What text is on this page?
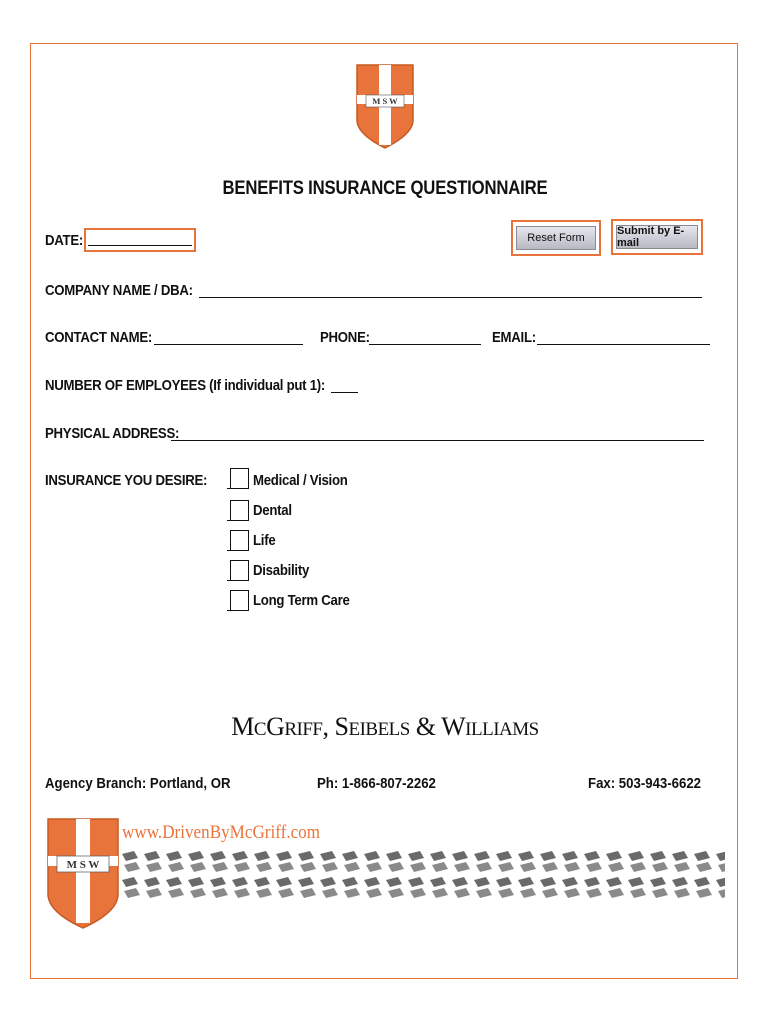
M S W
BENEFITS INSURANCE QUESTIONNAIRE
DATE:	Reset Form
Submit by E-mail
COMPANY NAME / DBA:
CONTACT NAME:	PHONE:	EMAIL:
NUMBER OF EMPLOYEES (If individual put 1):
PHYSICAL ADDRESS:
INSURANCE YOU DESIRE:	Medical / Vision
Dental
Life
Disability
Long Term Care
MCGRIFF, SEIBELS & WILLIAMS
Agency Branch: Portland, OR	Ph: 1-866-807-2262	Fax: 503-943-6622
M S W
www.DrivenByMcGriff.com
